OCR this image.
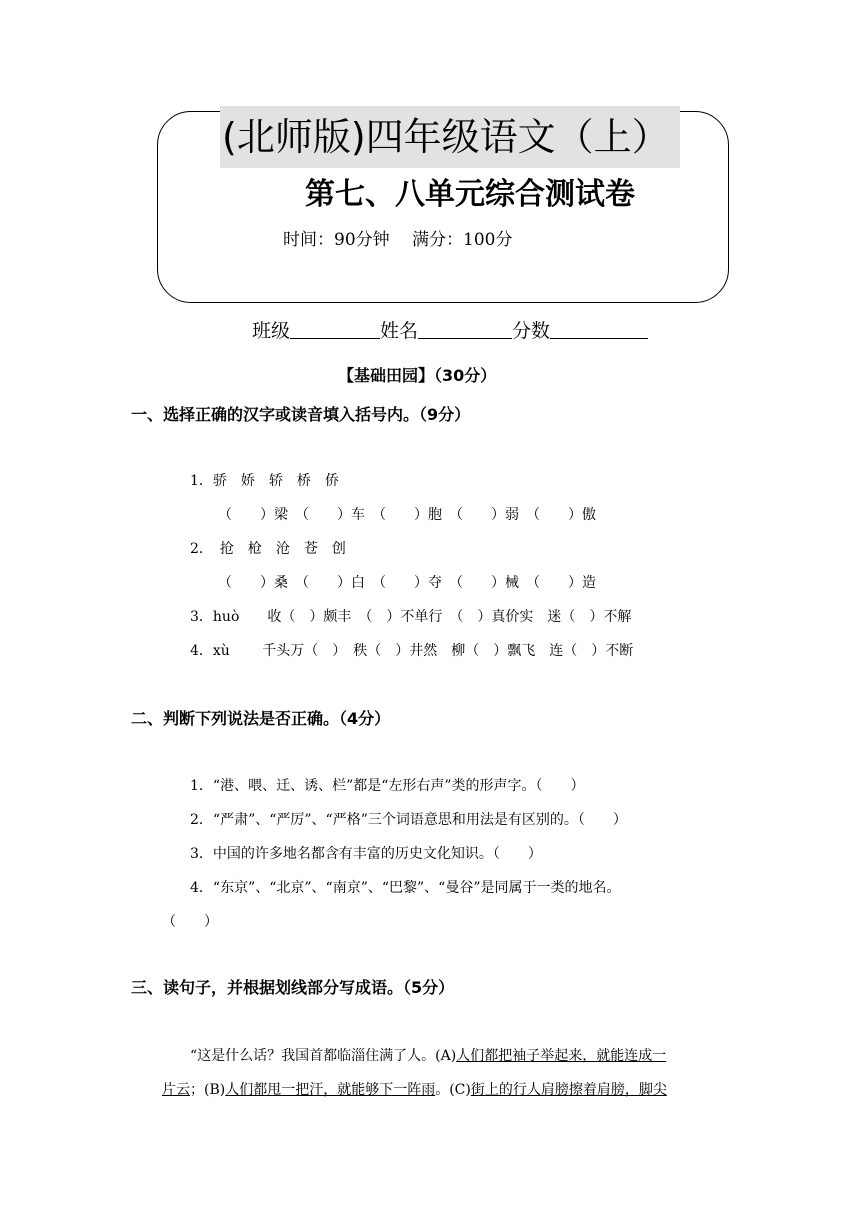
(北师版)四年级语文（上）
第七、八单元综合测试卷
时间：90分钟　 满分：100分
班级	姓名	分数
【基础田园】（30分）
一、选择正确的汉字或读音填入括号内。（9分）
1．骄　娇　轿　桥　侨
（　　）梁　（　　）车　（　　）胞　（　　）弱　（　　）傲
2．　抢　枪　沧　苍　创
（　　）桑　（　　）白　（　　）夺　（　　）械　（　　）造
3．huò　　收（　）颇丰　（　）不单行　（　）真价实　迷（　）不解
4．xù　　 千头万（　）　秩（　）井然　柳（　）飘飞　连（　）不断
二、判断下列说法是否正确。（4分）
1．“港、喂、迁、诱、栏”都是“左形右声”类的形声字。（　　）
2．“严肃”、“严厉”、“严格”三个词语意思和用法是有区别的。（　　）
3．中国的许多地名都含有丰富的历史文化知识。（　　）
4．“东京”、“北京”、“南京”、“巴黎”、“曼谷”是同属于一类的地名。
（　　）
三、读句子，并根据划线部分写成语。（5分）
“这是什么话？我国首都临淄住满了人。(A)人们都把袖子举起来，就能连成一
片云；(B)人们都甩一把汗，就能够下一阵雨。(C)街上的行人肩膀擦着肩膀，脚尖
